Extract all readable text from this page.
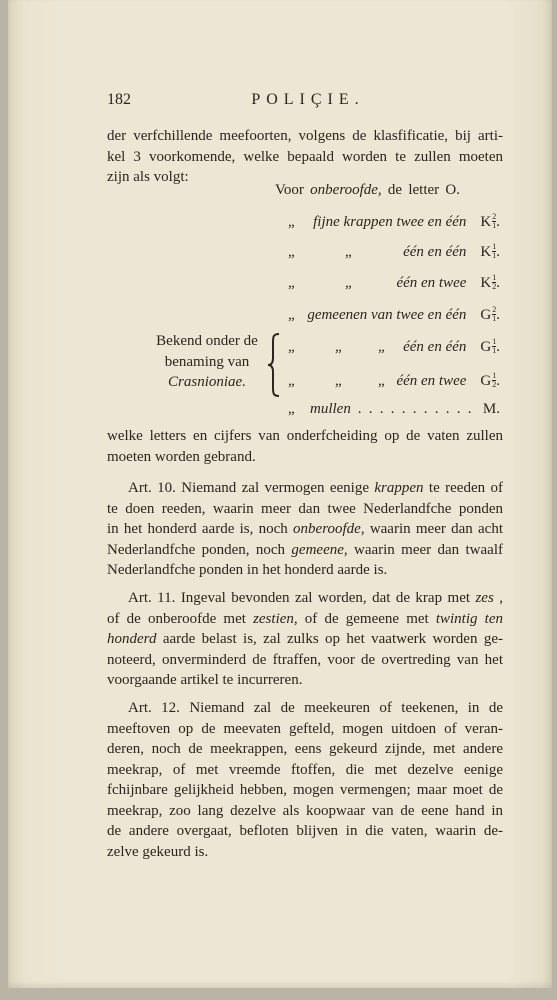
182	POLIÇIE.
der verfchillende meefoorten, volgens de klasfificatie, bij arti-
kel 3 voorkomende, welke bepaald worden te zullen moeten
zijn als volgt:
Voor onberoofde, de letter O.
„ fijne krappen twee en één K $\frac{2}{1}$ .
„	„	één en één K $\frac{1}{1}$ .
„	„	één en twee K $\frac{1}{2}$ .
„ gemeenen van twee en één G $\frac{2}{1}$ .
„	„ „ één en één G $\frac{1}{1}$ .
„	„ „ één en twee G $\frac{1}{2}$ .
„ mullen . . . . . . . . . . . M.
Bekend onder de
benaming van
Crasnioniae.
welke letters en cijfers van onderfcheiding op de vaten zullen
moeten worden gebrand.
Art. 10. Niemand zal vermogen eenige krappen te reeden of
te doen reeden, waarin meer dan twee Nederlandfche ponden
in het honderd aarde is, noch onberoofde, waarin meer dan acht
Nederlandfche ponden, noch gemeene, waarin meer dan twaalf
Nederlandfche ponden in het honderd aarde is.
Art. 11. Ingeval bevonden zal worden, dat de krap met zes ,
of de onberoofde met zestien, of de gemeene met twintig ten
honderd aarde belast is, zal zulks op het vaatwerk worden ge-
noteerd, onverminderd de ftraffen, voor de overtreding van het
voorgaande artikel te incurreren.
Art. 12. Niemand zal de meekeuren of teekenen, in de
meeftoven op de meevaten gefteld, mogen uitdoen of veran-
deren, noch de meekrappen, eens gekeurd zijnde, met andere
meekrap, of met vreemde ftoffen, die met dezelve eenige
fchijnbare gelijkheid hebben, mogen vermengen; maar moet de
meekrap, zoo lang dezelve als koopwaar van de eene hand in
de andere overgaat, befloten blijven in die vaten, waarin de-
zelve gekeurd is.
